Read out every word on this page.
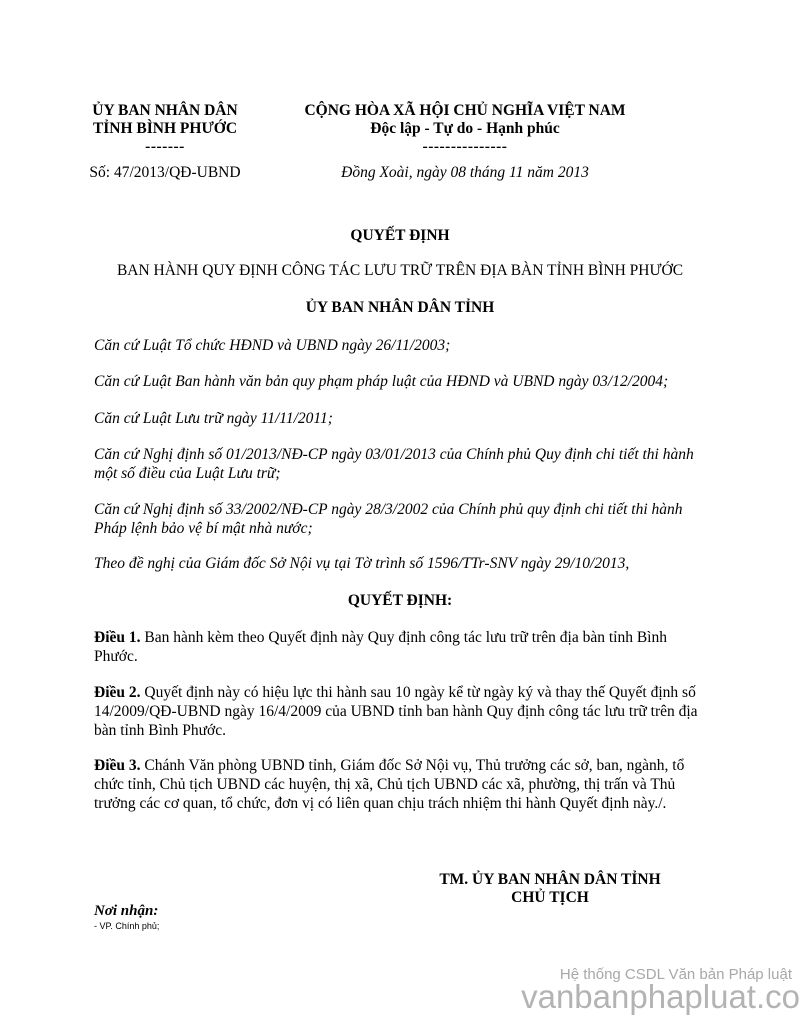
ỦY BAN NHÂN DÂN
TỈNH BÌNH PHƯỚC
-------
CỘNG HÒA XÃ HỘI CHỦ NGHĨA VIỆT NAM
Độc lập - Tự do - Hạnh phúc
---------------
Số: 47/2013/QĐ-UBND	Đồng Xoài, ngày 08 tháng 11 năm 2013
QUYẾT ĐỊNH
BAN HÀNH QUY ĐỊNH CÔNG TÁC LƯU TRỮ TRÊN ĐỊA BÀN TỈNH BÌNH PHƯỚC
ỦY BAN NHÂN DÂN TỈNH
Căn cứ Luật Tổ chức HĐND và UBND ngày 26/11/2003;
Căn cứ Luật Ban hành văn bản quy phạm pháp luật của HĐND và UBND ngày 03/12/2004;
Căn cứ Luật Lưu trữ ngày 11/11/2011;
Căn cứ Nghị định số 01/2013/NĐ-CP ngày 03/01/2013 của Chính phủ Quy định chi tiết thi hành một số điều của Luật Lưu trữ;
Căn cứ Nghị định số 33/2002/NĐ-CP ngày 28/3/2002 của Chính phủ quy định chi tiết thi hành Pháp lệnh bảo vệ bí mật nhà nước;
Theo đề nghị của Giám đốc Sở Nội vụ tại Tờ trình số 1596/TTr-SNV ngày 29/10/2013,
QUYẾT ĐỊNH:
Điều 1. Ban hành kèm theo Quyết định này Quy định công tác lưu trữ trên địa bàn tỉnh Bình Phước.
Điều 2. Quyết định này có hiệu lực thi hành sau 10 ngày kể từ ngày ký và thay thế Quyết định số 14/2009/QĐ-UBND ngày 16/4/2009 của UBND tỉnh ban hành Quy định công tác lưu trữ trên địa bàn tỉnh Bình Phước.
Điều 3. Chánh Văn phòng UBND tỉnh, Giám đốc Sở Nội vụ, Thủ trưởng các sở, ban, ngành, tổ chức tỉnh, Chủ tịch UBND các huyện, thị xã, Chủ tịch UBND các xã, phường, thị trấn và Thủ trưởng các cơ quan, tổ chức, đơn vị có liên quan chịu trách nhiệm thi hành Quyết định này./.
TM. ỦY BAN NHÂN DÂN TỈNH
CHỦ TỊCH
Nơi nhận:
- VP. Chính phủ;
Hệ thống CSDL Văn bản Pháp luật
vanbanphapluat.co
